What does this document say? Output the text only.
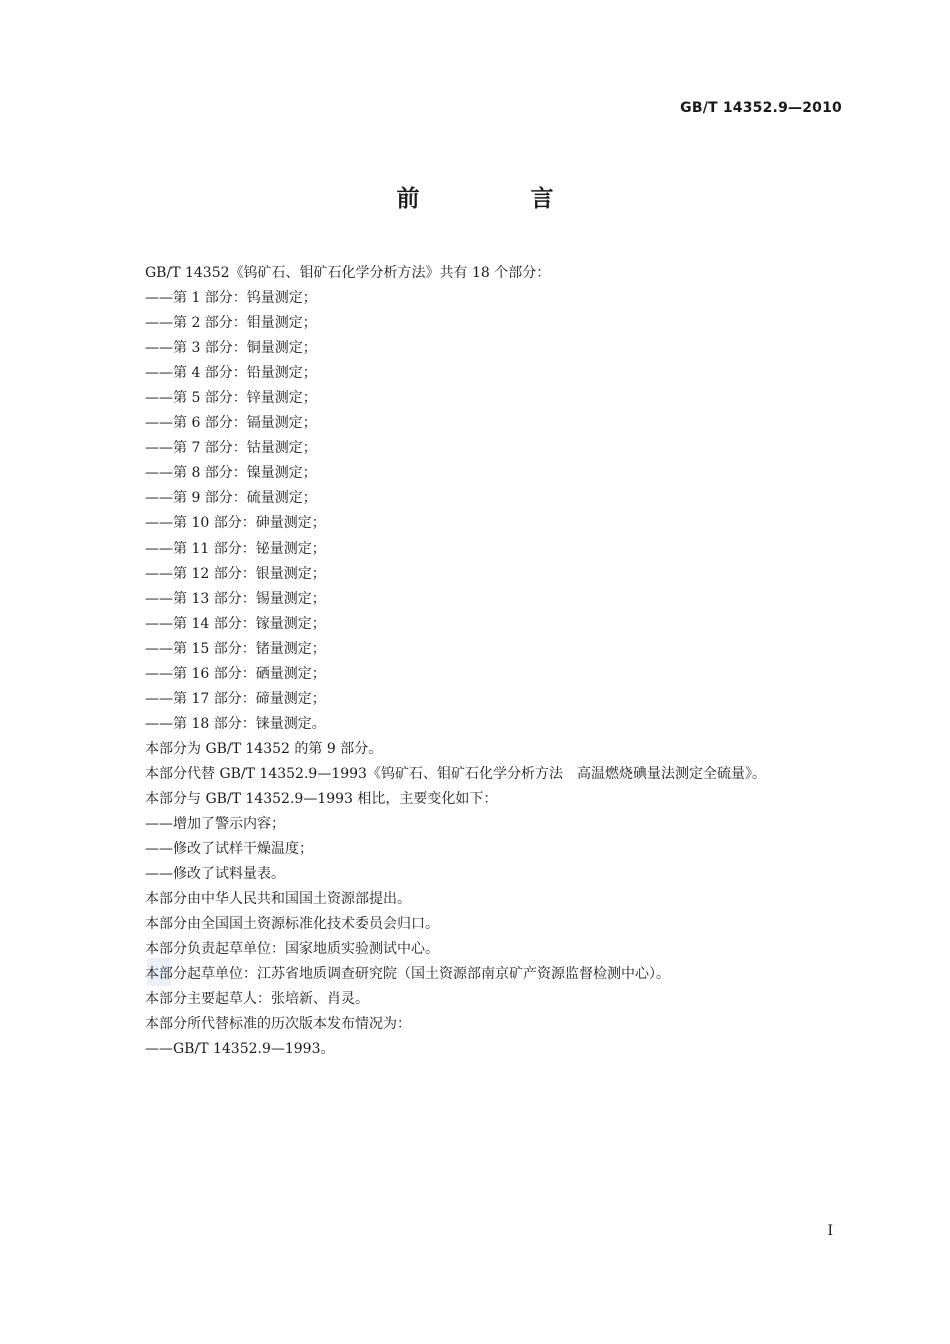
GB/T 14352.9—2010
前　言
GB/T 14352《钨矿石、钼矿石化学分析方法》共有 18 个部分：
——第 1 部分：钨量测定；
——第 2 部分：钼量测定；
——第 3 部分：铜量测定；
——第 4 部分：铅量测定；
——第 5 部分：锌量测定；
——第 6 部分：镉量测定；
——第 7 部分：钴量测定；
——第 8 部分：镍量测定；
——第 9 部分：硫量测定；
——第 10 部分：砷量测定；
——第 11 部分：铋量测定；
——第 12 部分：银量测定；
——第 13 部分：锡量测定；
——第 14 部分：镓量测定；
——第 15 部分：锗量测定；
——第 16 部分：硒量测定；
——第 17 部分：碲量测定；
——第 18 部分：铼量测定。
本部分为 GB/T 14352 的第 9 部分。
本部分代替 GB/T 14352.9—1993《钨矿石、钼矿石化学分析方法　高温燃烧碘量法测定全硫量》。
本部分与 GB/T 14352.9—1993 相比，主要变化如下：
——增加了警示内容；
——修改了试样干燥温度；
——修改了试料量表。
本部分由中华人民共和国国土资源部提出。
本部分由全国国土资源标准化技术委员会归口。
本部分负责起草单位：国家地质实验测试中心。
本部分起草单位：江苏省地质调查研究院（国土资源部南京矿产资源监督检测中心）。
本部分主要起草人：张培新、肖灵。
本部分所代替标准的历次版本发布情况为：
——GB/T 14352.9—1993。
I
